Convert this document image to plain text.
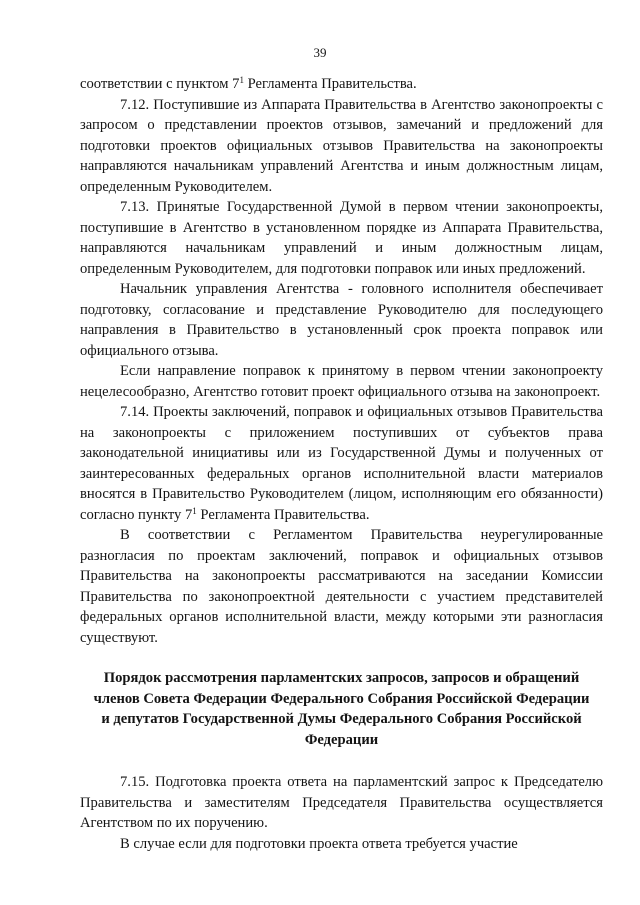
39

соответствии с пунктом $7^1$ Регламента Правительства.

7.12. Поступившие из Аппарата Правительства в Агентство законопроекты с запросом о представлении проектов отзывов, замечаний и предложений для подготовки проектов официальных отзывов Правительства на законопроекты направляются начальникам управлений Агентства и иным должностным лицам, определенным Руководителем.

7.13. Принятые Государственной Думой в первом чтении законопроекты, поступившие в Агентство в установленном порядке из Аппарата Правительства, направляются начальникам управлений и иным должностным лицам, определенным Руководителем, для подготовки поправок или иных предложений.

Начальник управления Агентства - головного исполнителя обеспечивает подготовку, согласование и представление Руководителю для последующего направления в Правительство в установленный срок проекта поправок или официального отзыва.

Если направление поправок к принятому в первом чтении законопроекту нецелесообразно, Агентство готовит проект официального отзыва на законопроект.

7.14. Проекты заключений, поправок и официальных отзывов Правительства на законопроекты с приложением поступивших от субъектов права законодательной инициативы или из Государственной Думы и полученных от заинтересованных федеральных органов исполнительной власти материалов вносятся в Правительство Руководителем (лицом, исполняющим его обязанности) согласно пункту $7^1$ Регламента Правительства.

В соответствии с Регламентом Правительства неурегулированные разногласия по проектам заключений, поправок и официальных отзывов Правительства на законопроекты рассматриваются на заседании Комиссии Правительства по законопроектной деятельности с участием представителей федеральных органов исполнительной власти, между которыми эти разногласия существуют.

Порядок рассмотрения парламентских запросов, запросов и обращений членов Совета Федерации Федерального Собрания Российской Федерации и депутатов Государственной Думы Федерального Собрания Российской Федерации

7.15. Подготовка проекта ответа на парламентский запрос к Председателю Правительства и заместителям Председателя Правительства осуществляется Агентством по их поручению.

В случае если для подготовки проекта ответа требуется участие
